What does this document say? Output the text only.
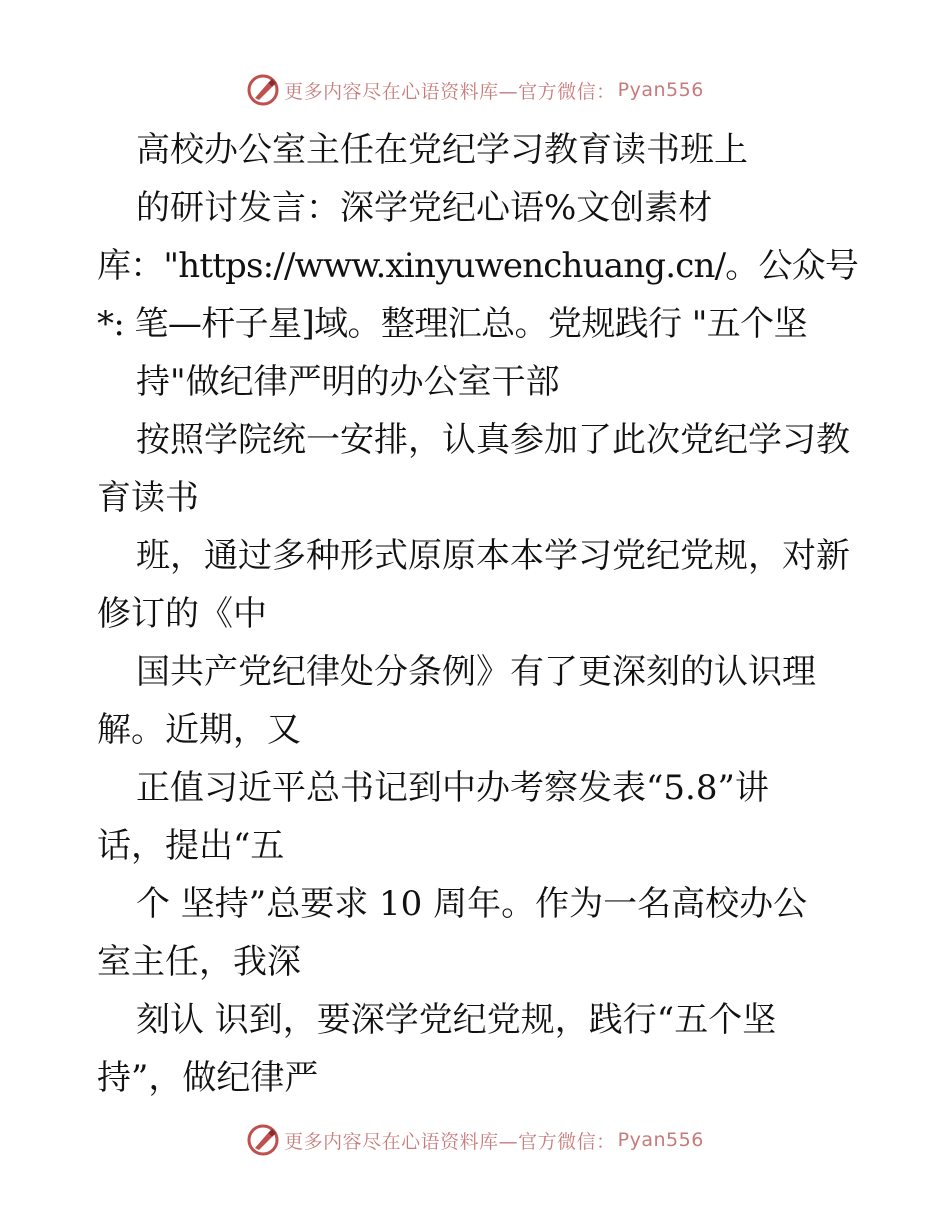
更多内容尽在心语资料库—官方微信： Pyan556
高校办公室主任在党纪学习教育读书班上
的研讨发言：深学党纪心语%文创素材
库："https://www.xinyuwenchuang.cn/。公众号
*: 笔—杆子星]域。整理汇总。党规践行 "五个坚
持"做纪律严明的办公室干部
按照学院统一安排，认真参加了此次党纪学习教
育读书
班，通过多种形式原原本本学习党纪党规，对新
修订的《中
国共产党纪律处分条例》有了更深刻的认识理
解。近期，又
正值习近平总书记到中办考察发表“5.8”讲
话，提出“五
个 坚持”总要求 10 周年。作为一名高校办公
室主任，我深
刻认 识到，要深学党纪党规，践行“五个坚
持”，做纪律严
更多内容尽在心语资料库—官方微信： Pyan556
